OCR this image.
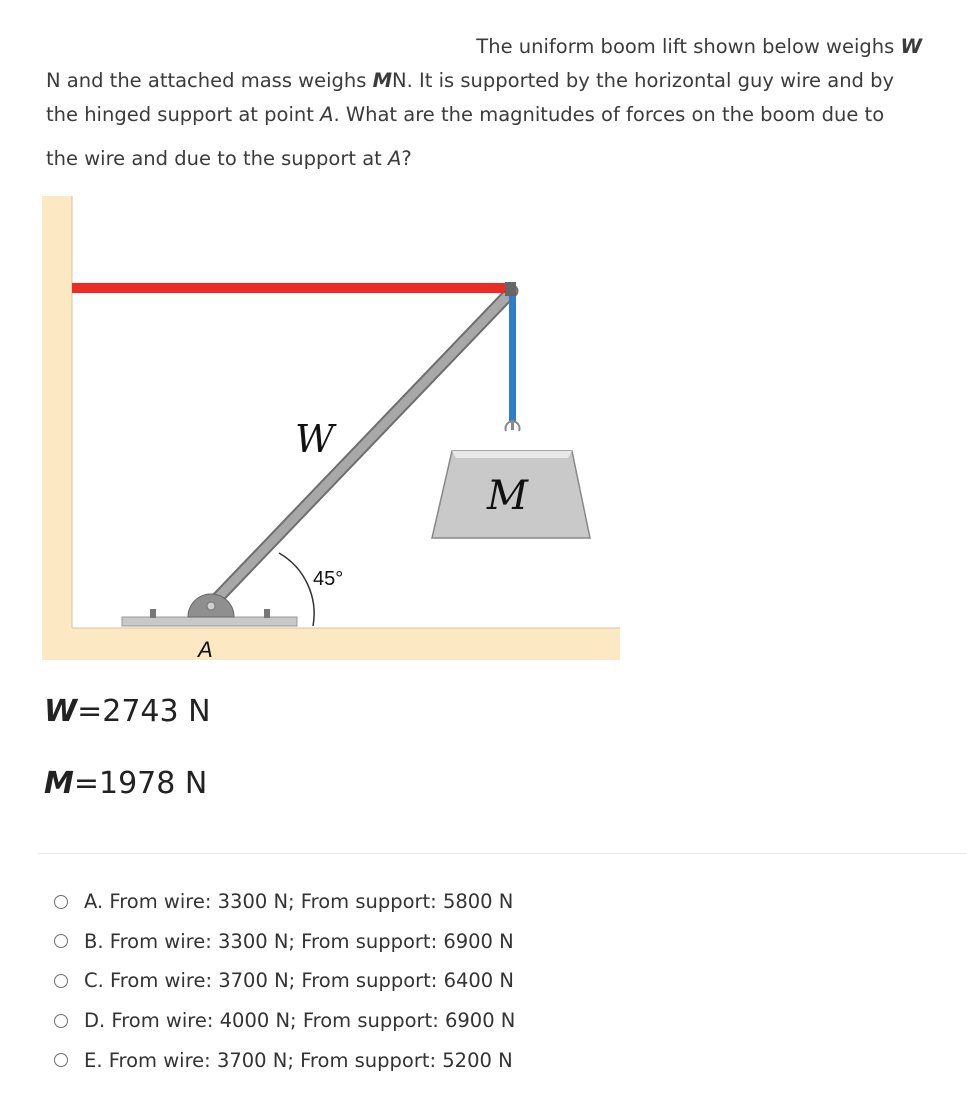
The uniform boom lift shown below weighs W
N and the attached mass weighs MN. It is supported by the horizontal guy wire and by
the hinged support at point A. What are the magnitudes of forces on the boom due to
the wire and due to the support at A?
W
M
45°
A
W=2743 N
M=1978 N
A. From wire: 3300 N; From support: 5800 N
B. From wire: 3300 N; From support: 6900 N
C. From wire: 3700 N; From support: 6400 N
D. From wire: 4000 N; From support: 6900 N
E. From wire: 3700 N; From support: 5200 N
